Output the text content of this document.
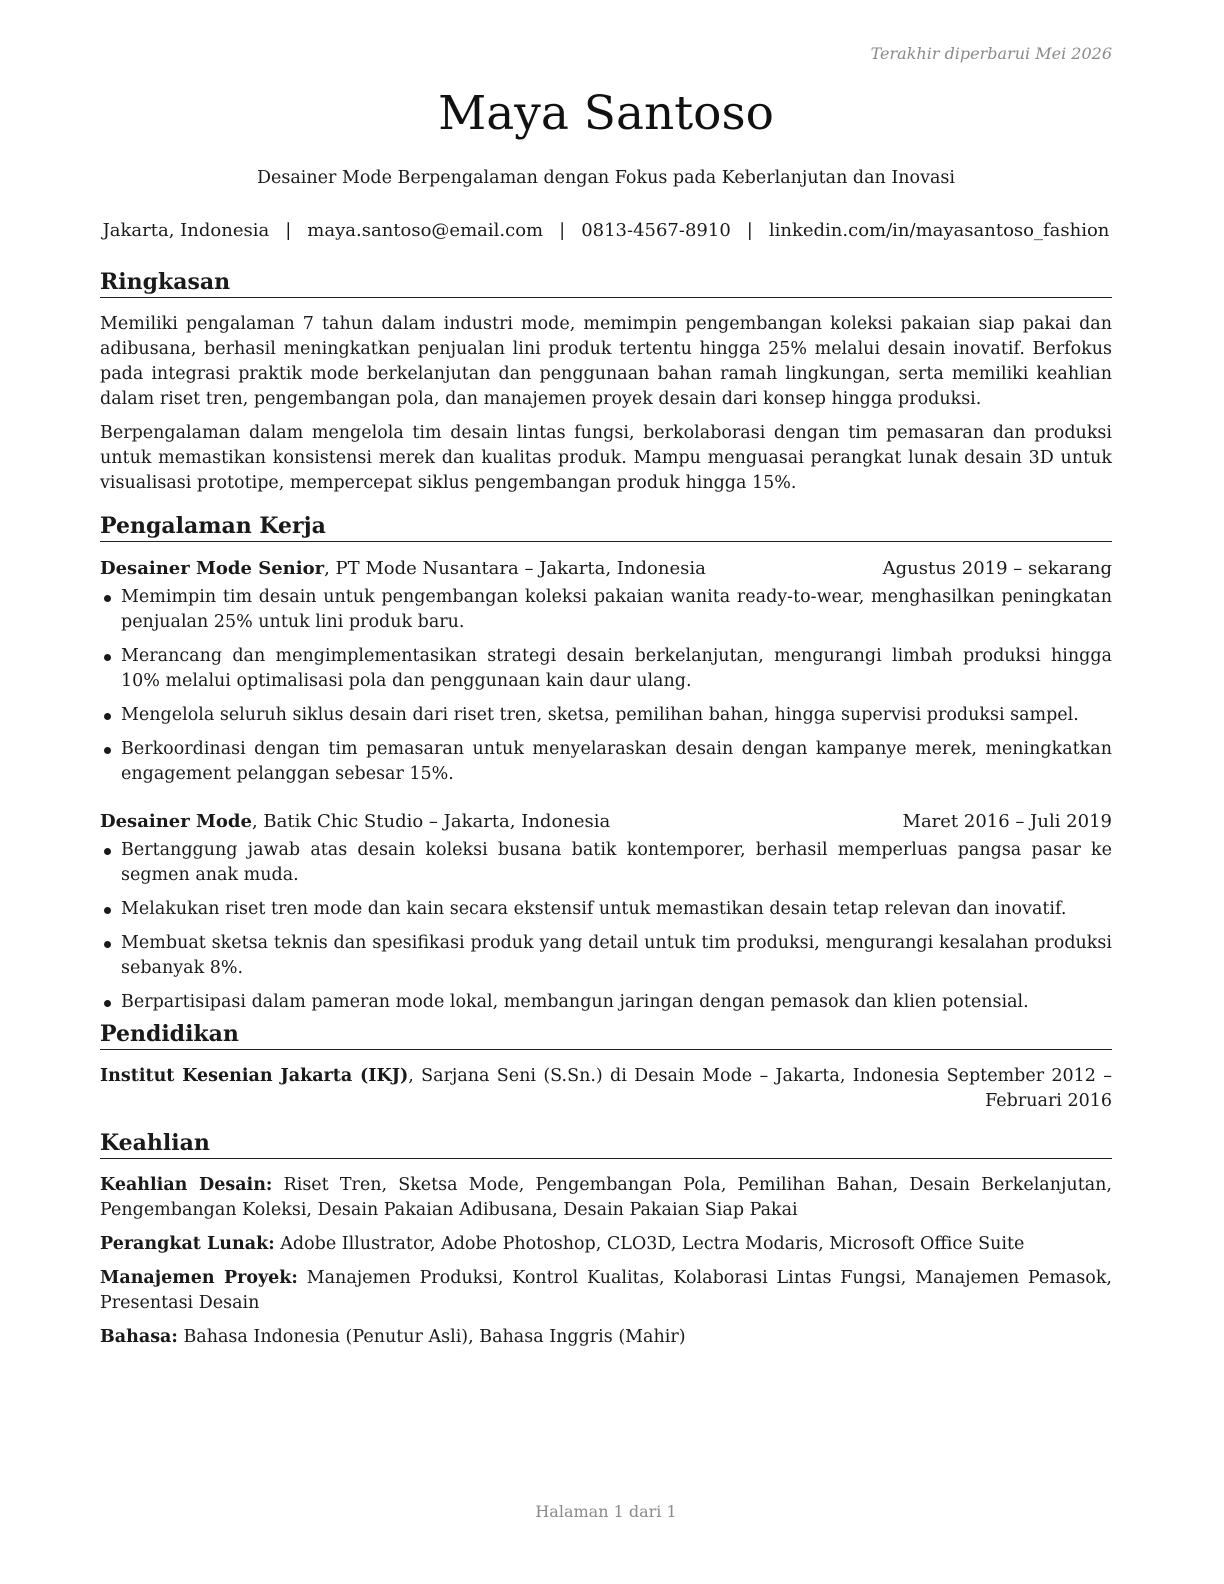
Terakhir diperbarui Mei 2026
Maya Santoso
Desainer Mode Berpengalaman dengan Fokus pada Keberlanjutan dan Inovasi
Jakarta, Indonesia | maya.santoso@email.com | 0813-4567-8910 | linkedin.com/in/mayasantoso_fashion
Ringkasan

Memiliki pengalaman 7 tahun dalam industri mode, memimpin pengembangan koleksi pakaian siap pakai dan adibusana, berhasil meningkatkan penjualan lini produk tertentu hingga 25% melalui desain inovatif. Berfokus pada integrasi praktik mode berkelanjutan dan penggunaan bahan ramah lingkungan, serta memiliki keahlian dalam riset tren, pengembangan pola, dan manajemen proyek desain dari konsep hingga produksi.

Berpengalaman dalam mengelola tim desain lintas fungsi, berkolaborasi dengan tim pemasaran dan produksi untuk memastikan konsistensi merek dan kualitas produk. Mampu menguasai perangkat lunak desain 3D untuk visualisasi prototipe, mempercepat siklus pengembangan produk hingga 15%.

Pengalaman Kerja
Desainer Mode Senior, PT Mode Nusantara – Jakarta, Indonesia	Agustus 2019 – sekarang
Memimpin tim desain untuk pengembangan koleksi pakaian wanita ready-to-wear, menghasilkan peningkatan penjualan 25% untuk lini produk baru.
Merancang dan mengimplementasikan strategi desain berkelanjutan, mengurangi limbah produksi hingga 10% melalui optimalisasi pola dan penggunaan kain daur ulang.
Mengelola seluruh siklus desain dari riset tren, sketsa, pemilihan bahan, hingga supervisi produksi sampel.
Berkoordinasi dengan tim pemasaran untuk menyelaraskan desain dengan kampanye merek, meningkatkan engagement pelanggan sebesar 15%.
Desainer Mode, Batik Chic Studio – Jakarta, Indonesia	Maret 2016 – Juli 2019
Bertanggung jawab atas desain koleksi busana batik kontemporer, berhasil memperluas pangsa pasar ke segmen anak muda.
Melakukan riset tren mode dan kain secara ekstensif untuk memastikan desain tetap relevan dan inovatif.
Membuat sketsa teknis dan spesifikasi produk yang detail untuk tim produksi, mengurangi kesalahan produksi sebanyak 8%.
Berpartisipasi dalam pameran mode lokal, membangun jaringan dengan pemasok dan klien potensial.
Pendidikan

Institut Kesenian Jakarta (IKJ), Sarjana Seni (S.Sn.) di Desain Mode – Jakarta, Indonesia September 2012 – Februari 2016

Keahlian

Keahlian Desain: Riset Tren, Sketsa Mode, Pengembangan Pola, Pemilihan Bahan, Desain Berkelanjutan, Pengembangan Koleksi, Desain Pakaian Adibusana, Desain Pakaian Siap Pakai

Perangkat Lunak: Adobe Illustrator, Adobe Photoshop, CLO3D, Lectra Modaris, Microsoft Office Suite

Manajemen Proyek: Manajemen Produksi, Kontrol Kualitas, Kolaborasi Lintas Fungsi, Manajemen Pemasok, Presentasi Desain

Bahasa: Bahasa Indonesia (Penutur Asli), Bahasa Inggris (Mahir)

Halaman 1 dari 1
